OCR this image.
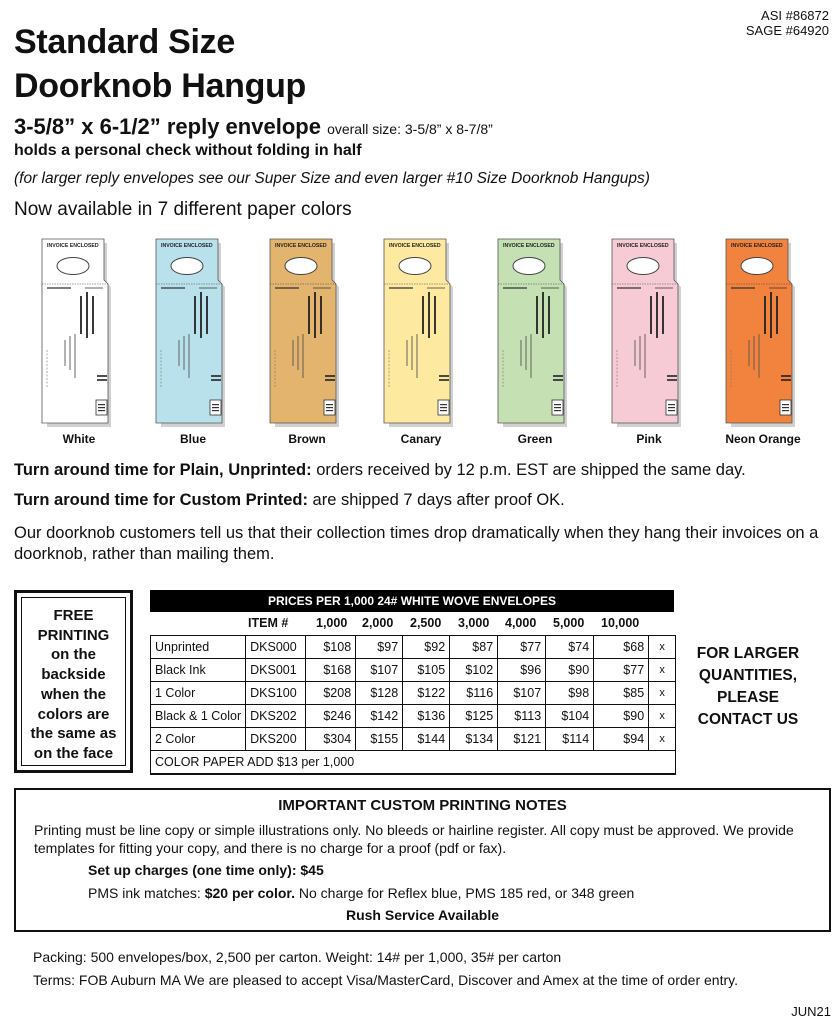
ASI #86872
SAGE #64920
Standard Size
Doorknob Hangup
3-5/8” x 6-1/2” reply envelope overall size: 3-5/8” x 8-7/8”
holds a personal check without folding in half
(for larger reply envelopes see our Super Size and even larger #10 Size Doorknob Hangups)
Now available in 7 different paper colors
INVOICE ENCLOSED
White
INVOICE ENCLOSED
Blue
INVOICE ENCLOSED
Brown
INVOICE ENCLOSED
Canary
INVOICE ENCLOSED
Green
INVOICE ENCLOSED
Pink
INVOICE ENCLOSED
Neon Orange
Turn around time for Plain, Unprinted: orders received by 12 p.m. EST are shipped the same day.
Turn around time for Custom Printed: are shipped 7 days after proof OK.
Our doorknob customers tell us that their collection times drop dramatically when they hang their invoices on a doorknob, rather than mailing them.
FREE
PRINTING
on the
backside
when the
colors are
the same as
on the face
PRICES PER 1,000 24# WHITE WOVE ENVELOPES
ITEM # 1,000 2,000 2,500 3,000 4,000 5,000 10,000
Unprinted	DKS000	$108	$97	$92	$87	$77	$74	$68	x
Black Ink	DKS001	$168	$107	$105	$102	$96	$90	$77	x
1 Color	DKS100	$208	$128	$122	$116	$107	$98	$85	x
Black & 1 Color	DKS202	$246	$142	$136	$125	$113	$104	$90	x
2 Color	DKS200	$304	$155	$144	$134	$121	$114	$94	x
COLOR PAPER ADD $13 per 1,000									
FOR LARGER
QUANTITIES,
PLEASE
CONTACT US
IMPORTANT CUSTOM PRINTING NOTES
Printing must be line copy or simple illustrations only. No bleeds or hairline register. All copy must be approved. We provide templates for fitting your copy, and there is no charge for a proof (pdf or fax).
Set up charges (one time only): $45
PMS ink matches: $20 per color. No charge for Reflex blue, PMS 185 red, or 348 green
Rush Service Available
Packing: 500 envelopes/box, 2,500 per carton. Weight: 14# per 1,000, 35# per carton
Terms: FOB Auburn MA We are pleased to accept Visa/MasterCard, Discover and Amex at the time of order entry.
JUN21
